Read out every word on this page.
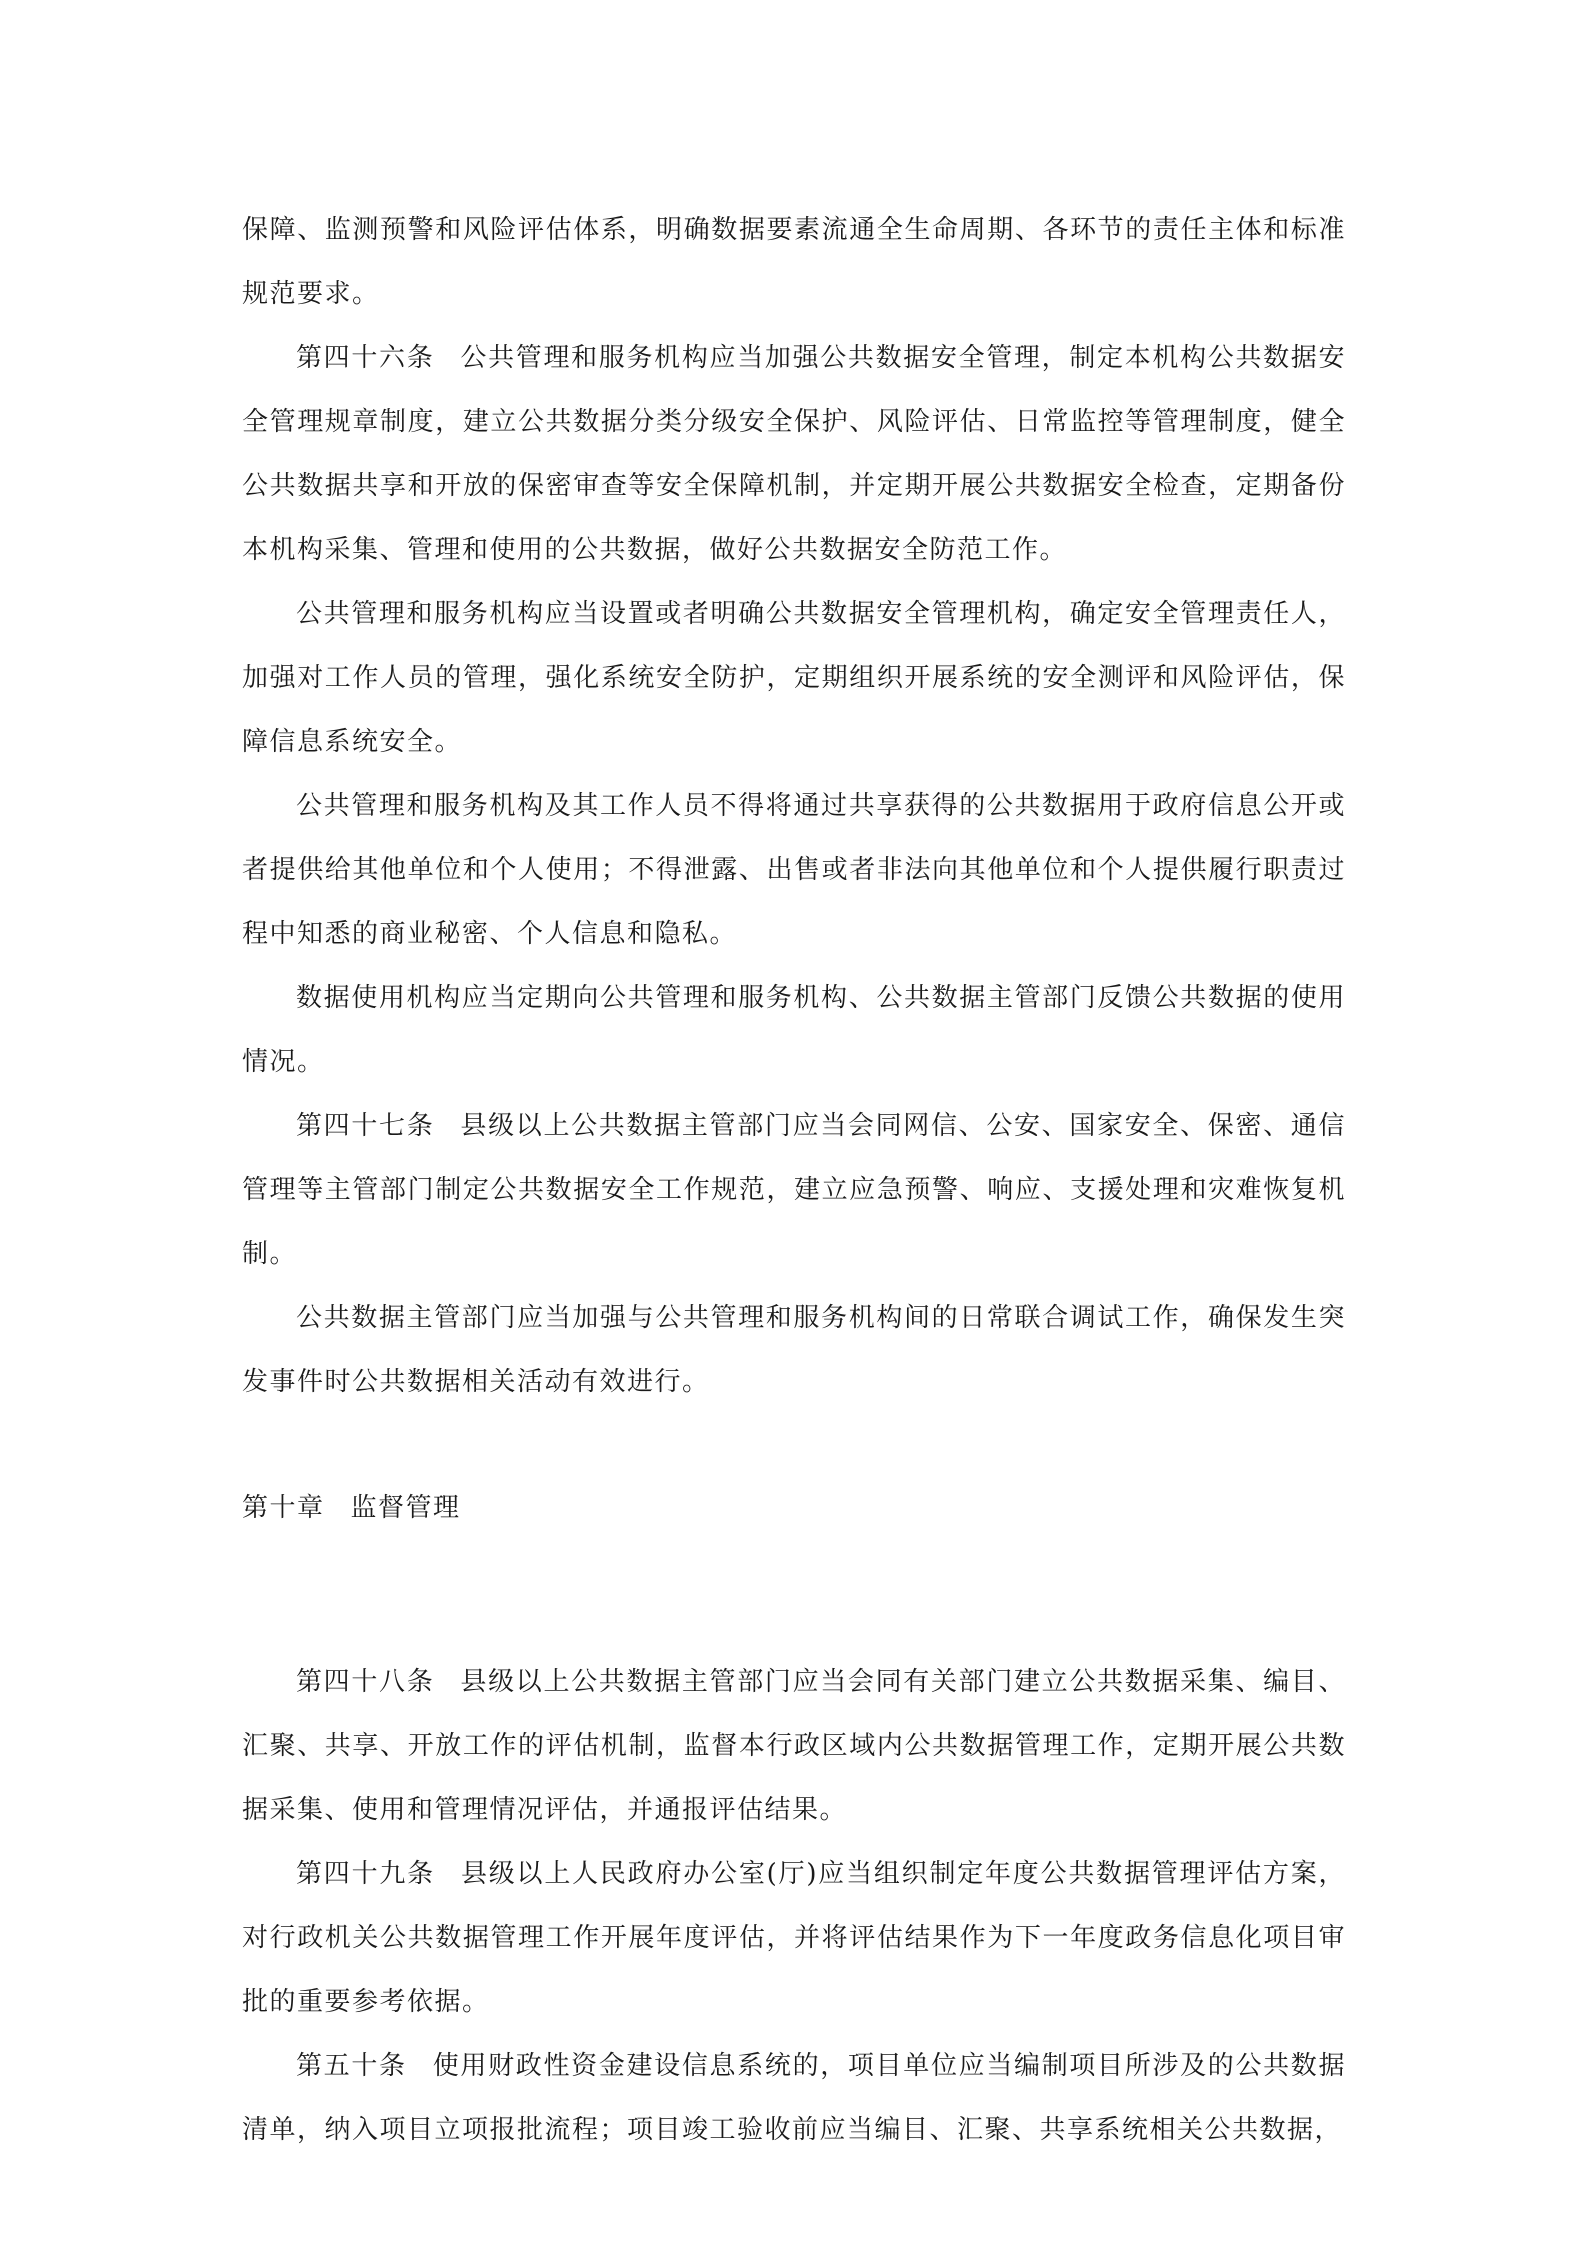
保障、监测预警和风险评估体系，明确数据要素流通全生命周期、各环节的责任主体和标准规范要求。

第四十六条 公共管理和服务机构应当加强公共数据安全管理，制定本机构公共数据安全管理规章制度，建立公共数据分类分级安全保护、风险评估、日常监控等管理制度，健全公共数据共享和开放的保密审查等安全保障机制，并定期开展公共数据安全检查，定期备份本机构采集、管理和使用的公共数据，做好公共数据安全防范工作。

公共管理和服务机构应当设置或者明确公共数据安全管理机构，确定安全管理责任人，加强对工作人员的管理，强化系统安全防护，定期组织开展系统的安全测评和风险评估，保障信息系统安全。

公共管理和服务机构及其工作人员不得将通过共享获得的公共数据用于政府信息公开或者提供给其他单位和个人使用；不得泄露、出售或者非法向其他单位和个人提供履行职责过程中知悉的商业秘密、个人信息和隐私。

数据使用机构应当定期向公共管理和服务机构、公共数据主管部门反馈公共数据的使用情况。

第四十七条 县级以上公共数据主管部门应当会同网信、公安、国家安全、保密、通信管理等主管部门制定公共数据安全工作规范，建立应急预警、响应、支援处理和灾难恢复机制。

公共数据主管部门应当加强与公共管理和服务机构间的日常联合调试工作，确保发生突发事件时公共数据相关活动有效进行。

第十章 监督管理

第四十八条 县级以上公共数据主管部门应当会同有关部门建立公共数据采集、编目、汇聚、共享、开放工作的评估机制，监督本行政区域内公共数据管理工作，定期开展公共数据采集、使用和管理情况评估，并通报评估结果。

第四十九条 县级以上人民政府办公室(厅)应当组织制定年度公共数据管理评估方案，对行政机关公共数据管理工作开展年度评估，并将评估结果作为下一年度政务信息化项目审批的重要参考依据。

第五十条 使用财政性资金建设信息系统的，项目单位应当编制项目所涉及的公共数据清单，纳入项目立项报批流程；项目竣工验收前应当编目、汇聚、共享系统相关公共数据，
